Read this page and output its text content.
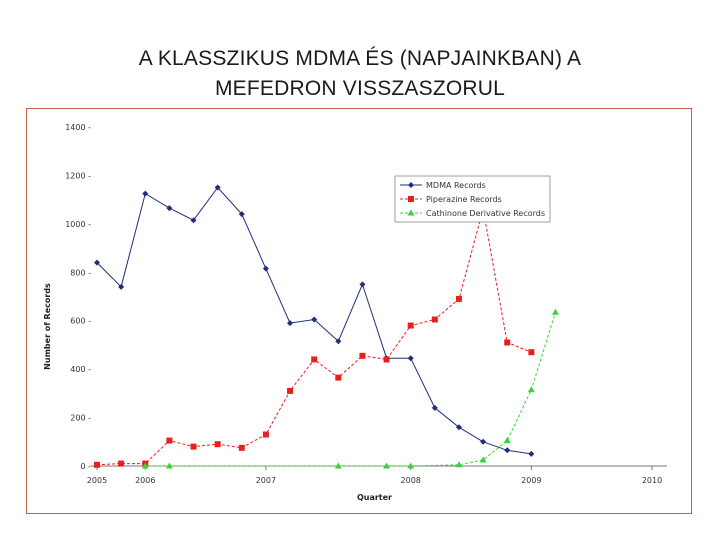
A KLASSZIKUS MDMA ÉS (NAPJAINKBAN) A
MEFEDRON VISSZASZORUL
0 -
200 -
400 -
600 -
800 -
1000 -
1200 -
1400 -
2005	2006	2007	2008	2009	2010
Quarter
Number of Records
MDMA Records
Piperazine Records
Cathinone Derivative Records
